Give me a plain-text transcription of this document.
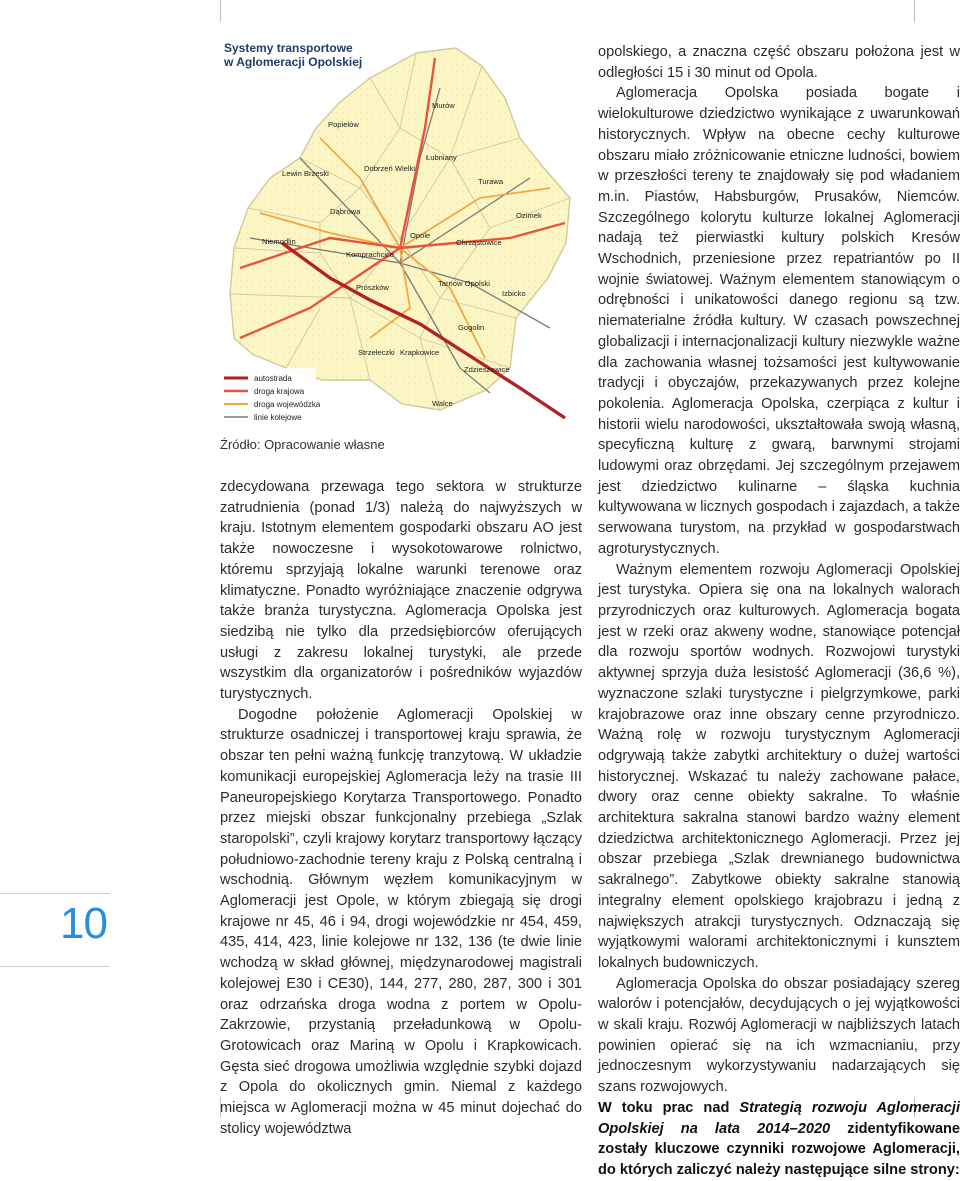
10
Murów
Popielów
Łubniany
Lewin Brzeski
Dobrzeń Wielki
Turawa
Dąbrowa	Ozimek
Opole
Chrząstowice
Niemodlin
Komprachcice
Tarnów Opolski
Izbicko
Prószków
Gogolin
Strzeleczki Krapkowice
Zdzieszowice
Walce
Systemy transportowe
w Aglomeracji Opolskiej
autostrada
droga krajowa
droga wojewódzka
linie kolejowe
Źródło: Opracowanie własne

zdecydowana przewaga tego sektora w strukturze zatrudnienia (ponad 1/3) należą do najwyższych w kraju. Istotnym elementem gospodarki obszaru AO jest także nowoczesne i wysokotowarowe rolnictwo, któremu sprzyjają lokalne warunki terenowe oraz klimatyczne. Ponadto wyróżniające znaczenie odgrywa także branża turystyczna. Aglomeracja Opolska jest siedzibą nie tylko dla przedsiębiorców oferujących usługi z zakresu lokalnej turystyki, ale przede wszystkim dla organizatorów i pośredników wyjazdów turystycznych.

Dogodne położenie Aglomeracji Opolskiej w strukturze osadniczej i transportowej kraju sprawia, że obszar ten pełni ważną funkcję tranzytową. W układzie komunikacji europejskiej Aglomeracja leży na trasie III Paneuropejskiego Korytarza Transportowego. Ponadto przez miejski obszar funkcjonalny przebiega „Szlak staropolski”, czyli krajowy korytarz transportowy łączący południowo-zachodnie tereny kraju z Polską centralną i wschodnią. Głównym węzłem komunikacyjnym w Aglomeracji jest Opole, w którym zbiegają się drogi krajowe nr 45, 46 i 94, drogi wojewódzkie nr 454, 459, 435, 414, 423, linie kolejowe nr 132, 136 (te dwie linie wchodzą w skład głównej, międzynarodowej magistrali kolejowej E30 i CE30), 144, 277, 280, 287, 300 i 301 oraz odrzańska droga wodna z portem w Opolu-Zakrzowie, przystanią przeładunkową w Opolu-Grotowicach oraz Mariną w Opolu i Krapkowicach. Gęsta sieć drogowa umożliwia względnie szybki dojazd z Opola do okolicznych gmin. Niemal z każdego miejsca w Aglomeracji można w 45 minut dojechać do stolicy województwa

opolskiego, a znaczna część obszaru położona jest w odległości 15 i 30 minut od Opola.

Aglomeracja Opolska posiada bogate i wielokulturowe dziedzictwo wynikające z uwarunkowań historycznych. Wpływ na obecne cechy kulturowe obszaru miało zróżnicowanie etniczne ludności, bowiem w przeszłości tereny te znajdowały się pod władaniem m.in. Piastów, Habsburgów, Prusaków, Niemców. Szczególnego kolorytu kulturze lokalnej Aglomeracji nadają też pierwiastki kultury polskich Kresów Wschodnich, przeniesione przez repatriantów po II wojnie światowej. Ważnym elementem stanowiącym o odrębności i unikatowości danego regionu są tzw. niematerialne źródła kultury. W czasach powszechnej globalizacji i internacjonalizacji kultury niezwykle ważne dla zachowania własnej tożsamości jest kultywowanie tradycji i obyczajów, przekazywanych przez kolejne pokolenia. Aglomeracja Opolska, czerpiąca z kultur i historii wielu narodowości, ukształtowała swoją własną, specyficzną kulturę z gwarą, barwnymi strojami ludowymi oraz obrzędami. Jej szczególnym przejawem jest dziedzictwo kulinarne – śląska kuchnia kultywowana w licznych gospodach i zajazdach, a także serwowana turystom, na przykład w gospodarstwach agroturystycznych.

Ważnym elementem rozwoju Aglomeracji Opolskiej jest turystyka. Opiera się ona na lokalnych walorach przyrodniczych oraz kulturowych. Aglomeracja bogata jest w rzeki oraz akweny wodne, stanowiące potencjał dla rozwoju sportów wodnych. Rozwojowi turystyki aktywnej sprzyja duża lesistość Aglomeracji (36,6 %), wyznaczone szlaki turystyczne i pielgrzymkowe, parki krajobrazowe oraz inne obszary cenne przyrodniczo. Ważną rolę w rozwoju turystycznym Aglomeracji odgrywają także zabytki architektury o dużej wartości historycznej. Wskazać tu należy zachowane pałace, dwory oraz cenne obiekty sakralne. To właśnie architektura sakralna stanowi bardzo ważny element dziedzictwa architektonicznego Aglomeracji. Przez jej obszar przebiega „Szlak drewnianego budownictwa sakralnego”. Zabytkowe obiekty sakralne stanowią integralny element opolskiego krajobrazu i jedną z największych atrakcji turystycznych. Odznaczają się wyjątkowymi walorami architektonicznymi i kunsztem lokalnych budowniczych.

Aglomeracja Opolska do obszar posiadający szereg walorów i potencjałów, decydujących o jej wyjątkowości w skali kraju. Rozwój Aglomeracji w najbliższych latach powinien opierać się na ich wzmacnianiu, przy jednoczesnym wykorzystywaniu nadarzających się szans rozwojowych.

W toku prac nad Strategią rozwoju Aglomeracji Opolskiej na lata 2014–2020 zidentyfikowane zostały kluczowe czynniki rozwojowe Aglomeracji, do których zaliczyć należy następujące silne strony:
